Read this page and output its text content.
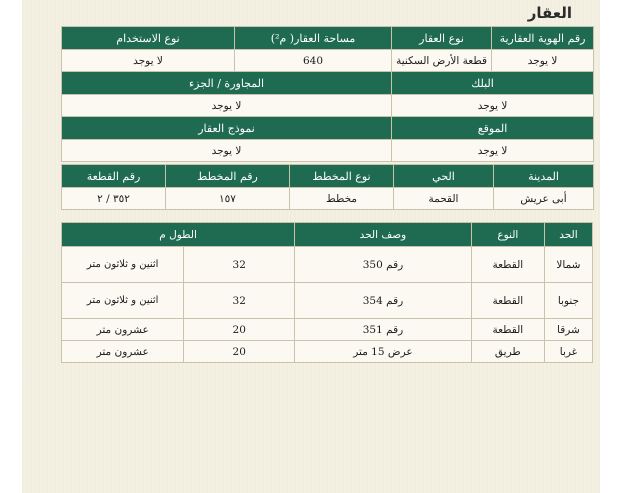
العقار
رقم الهوية العقارية	نوع العقار	مساحة العقار( م²)	نوع الاستخدام
لا يوجد	قطعة الأرض السكنية	640	لا يوجد
البلك		المجاورة / الجزء	
لا يوجد		لا يوجد	
الموقع		نموذج العقار	
لا يوجد		لا يوجد	
المدينة	الحي	نوع المخطط	رقم المخطط	رقم القطعة
أبى عريش	القحمة	مخطط	١٥٧	٣٥٢ / ٢
الحد	النوع	وصف الحد	الطول م	
شمالا	القطعة	رقم 350	32	اثنين و ثلاثون متر
جنوبا	القطعة	رقم 354	32	اثنين و ثلاثون متر
شرقا	القطعة	رقم 351	20	عشرون متر
غربا	طريق	عرض 15 متر	20	عشرون متر
